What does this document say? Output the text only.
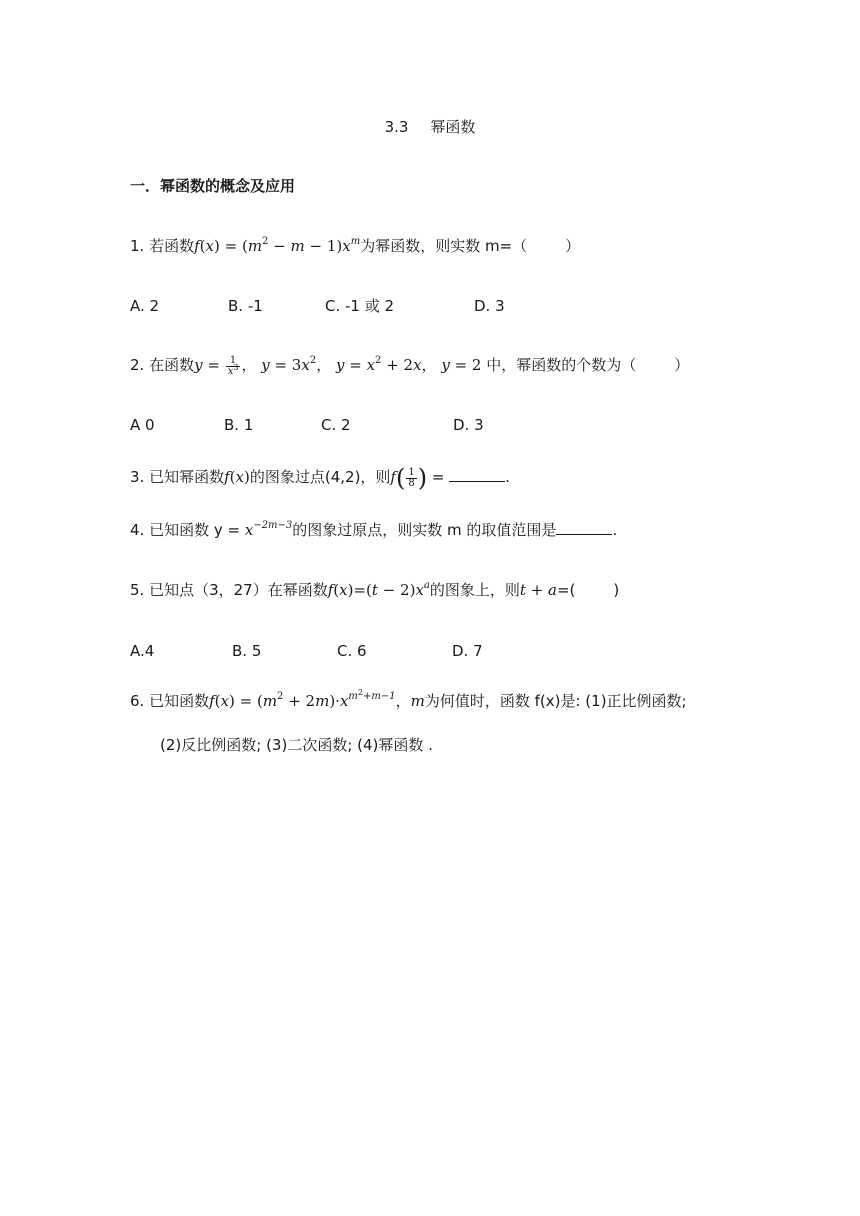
3.3 幂函数
一．幂函数的概念及应用
1. 若函数$f(x) = (m^2 - m - 1)x^m$为幂函数，则实数 m=（	）
A. 2	B. -1	C. -1 或 2	D. 3
2. 在函数$y = \frac{1}{x^3}$ ， $y = 3x^2$， $y = x^2 + 2x$， y = 2 中，幂函数的个数为（	）
A 0	B. 1	C. 2	D. 3
3. 已知幂函数f(x)的图象过点(4,2)，则$f( \frac{1}{8}$ ) =	.
4. 已知函数 $y = x^{-2m-3}$的图象过原点，则实数 m 的取值范围是	.
5. 已知点（3，27）在幂函数$f(x)=(t - 2)x^a$的图象上，则t + a=(	)
A.4	B. 5	C. 6	D. 7
6. 已知函数$f(x) = (m^2 + 2m)\cdot x^{m^2+m-1}$，m为何值时，函数 f(x)是: (1)正比例函数;
(2)反比例函数; (3)二次函数; (4)幂函数 .
